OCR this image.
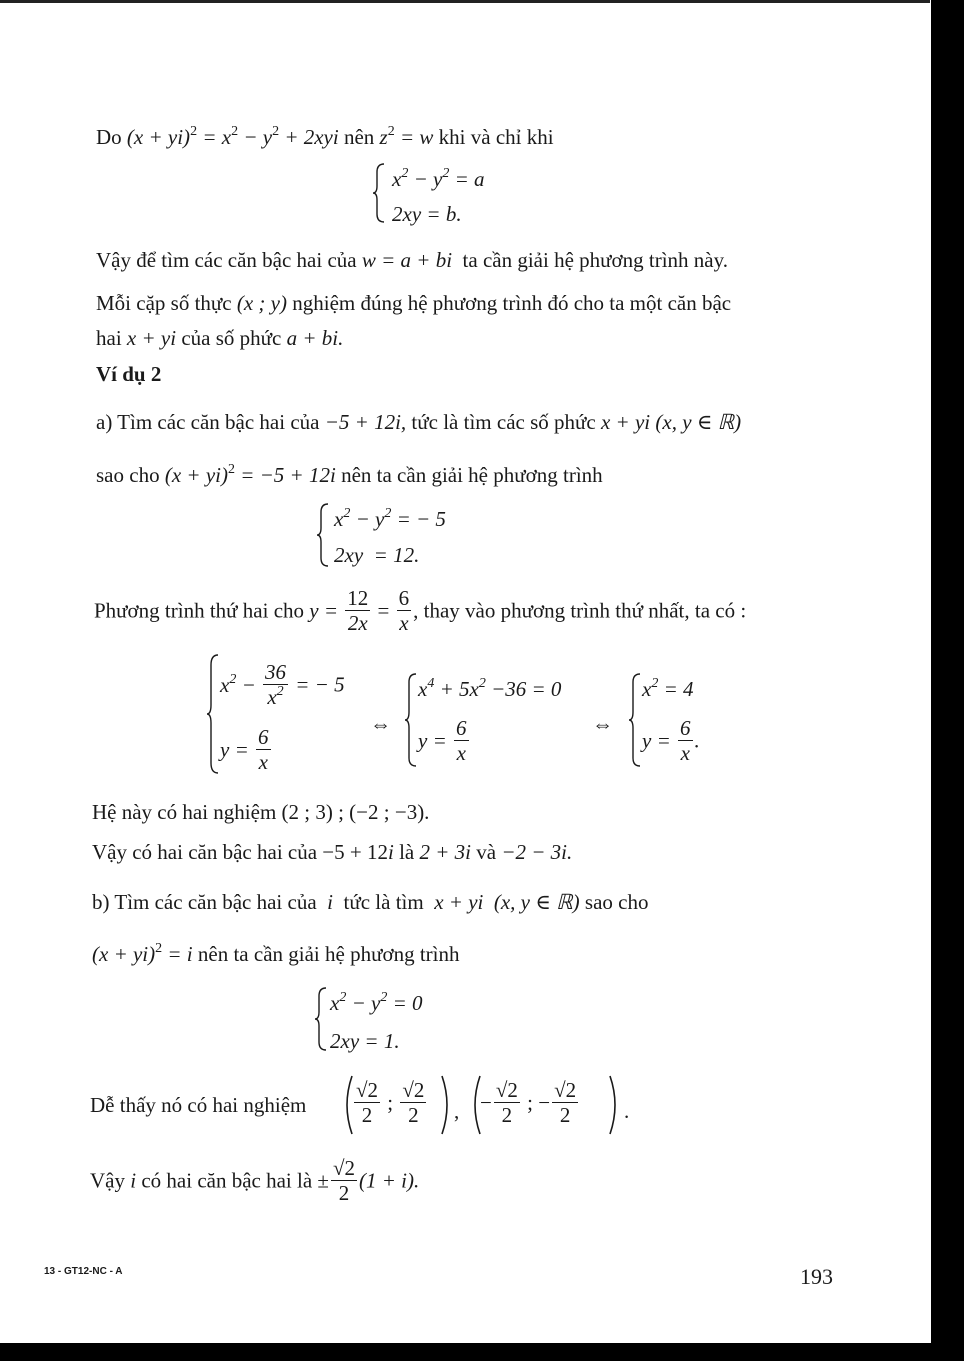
Do $(x + yi)^2 = x^2 - y^2 + 2xyi$ nên $z^2 = w$ khi và chỉ khi
$x^2 - y^2 = a$
2xy = b.
Vậy để tìm các căn bậc hai của w = a + bi ta cần giải hệ phương trình này.
Mỗi cặp số thực (x ; y) nghiệm đúng hệ phương trình đó cho ta một căn bậc
hai x + yi của số phức a + bi.
Ví dụ 2
a) Tìm các căn bậc hai của −5 + 12i, tức là tìm các số phức x + yi (x, y ∈ ℝ)
sao cho (x + yi)$^2$ = −5 + 12i nên ta cần giải hệ phương trình
$x^2 - y^2$ = − 5
2xy = 12.
Phương trình thứ hai cho $y = \frac{12}{2x} = \frac{6}{x}$ , thay vào phương trình thứ nhất, ta có :
$x^2 - \frac{36}{x^2}$ = − 5
$y = \frac{6}{x}$
⇔
$x^4 + 5x^2 -36 = 0$
$y = \frac{6}{x}$	⇔
$x^2 = 4$
$y = \frac{6}{x}$ .
Hệ này có hai nghiệm (2 ; 3) ; (−2 ; −3).
Vậy có hai căn bậc hai của −5 + 12i là 2 + 3i và −2 − 3i.
b) Tìm các căn bậc hai của i tức là tìm x + yi (x, y ∈ ℝ) sao cho
(x + yi)$^2$ = i nên ta cần giải hệ phương trình
$x^2 - y^2 = 0$
2xy = 1.
Dễ thấy nó có hai nghiệm $\frac{√2}{2}$ ; $\frac{√2}{2}$ , − $\frac{√2}{2}$ ; − $\frac{√2}{2}$ .
Vậy i có hai căn bậc hai là ± $\frac{√2}{2} (1 + i)$.
13 - GT12-NC - A	193
